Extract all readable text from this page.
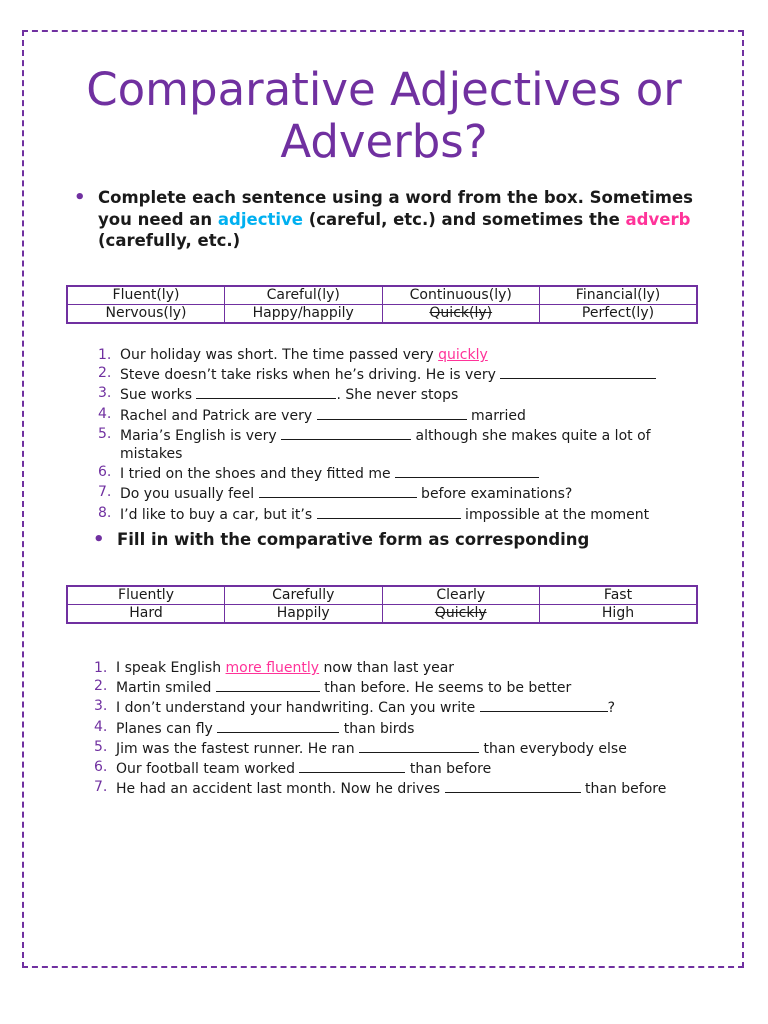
Comparative Adjectives or
Adverbs?
• Complete each sentence using a word from the box. Sometimes you need an adjective (careful, etc.) and sometimes the adverb (carefully, etc.)
Fluent(ly)	Careful(ly)	Continuous(ly)	Financial(ly)
Nervous(ly)	Happy/happily	Quick(ly)	Perfect(ly)
1. Our holiday was short. The time passed very quickly
2. Steve doesn’t take risks when he’s driving. He is very
3. Sue works	. She never stops
4. Rachel and Patrick are very	married
5. Maria’s English is very	although she makes quite a lot of mistakes
6. I tried on the shoes and they fitted me
7. Do you usually feel	before examinations?
8. I’d like to buy a car, but it’s	impossible at the moment
• Fill in with the comparative form as corresponding
Fluently	Carefully	Clearly	Fast
Hard	Happily	Quickly	High
1. I speak English more fluently now than last year
2. Martin smiled	than before. He seems to be better
3. I don’t understand your handwriting. Can you write	?
4. Planes can fly	than birds
5. Jim was the fastest runner. He ran	than everybody else
6. Our football team worked	than before
7. He had an accident last month. Now he drives	than before
